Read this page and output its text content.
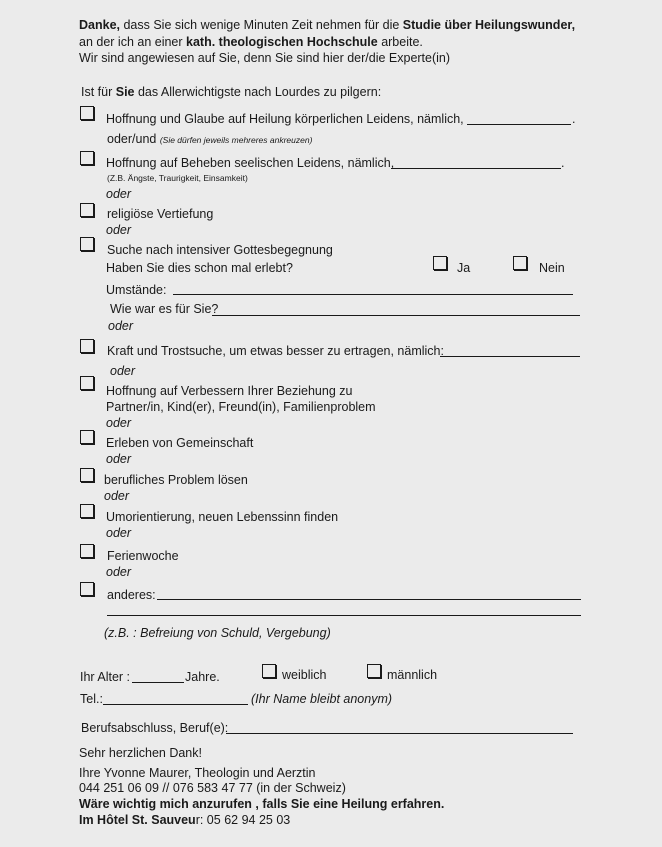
Danke, dass Sie sich wenige Minuten Zeit nehmen für die Studie über Heilungswunder,
an der ich an einer kath. theologischen Hochschule arbeite.
Wir sind angewiesen auf Sie, denn Sie sind hier der/die Experte(in)
Ist für Sie das Allerwichtigste nach Lourdes zu pilgern:
Hoffnung und Glaube auf Heilung körperlichen Leidens, nämlich,	.
oder/und (Sie dürfen jeweils mehreres ankreuzen)
Hoffnung auf Beheben seelischen Leidens, nämlich,	.
(Z.B. Ängste, Traurigkeit, Einsamkeit)
oder
religiöse Vertiefung
oder
Suche nach intensiver Gottesbegegnung
Haben Sie dies schon mal erlebt?	Ja	Nein
Umstände:
Wie war es für Sie?
oder
Kraft und Trostsuche, um etwas besser zu ertragen, nämlich:
oder
Hoffnung auf Verbessern Ihrer Beziehung zu
Partner/in, Kind(er), Freund(in), Familienproblem
oder
Erleben von Gemeinschaft
oder
berufliches Problem lösen
oder
Umorientierung, neuen Lebenssinn finden
oder
Ferienwoche
oder
anderes:
(z.B. : Befreiung von Schuld, Vergebung)
Ihr Alter :	Jahre.	weiblich	männlich
Tel.:	(Ihr Name bleibt anonym)
Berufsabschluss, Beruf(e):
Sehr herzlichen Dank!
Ihre Yvonne Maurer, Theologin und Aerztin
044 251 06 09 // 076 583 47 77 (in der Schweiz)
Wäre wichtig mich anzurufen , falls Sie eine Heilung erfahren.
Im Hôtel St. Sauveur: 05 62 94 25 03
